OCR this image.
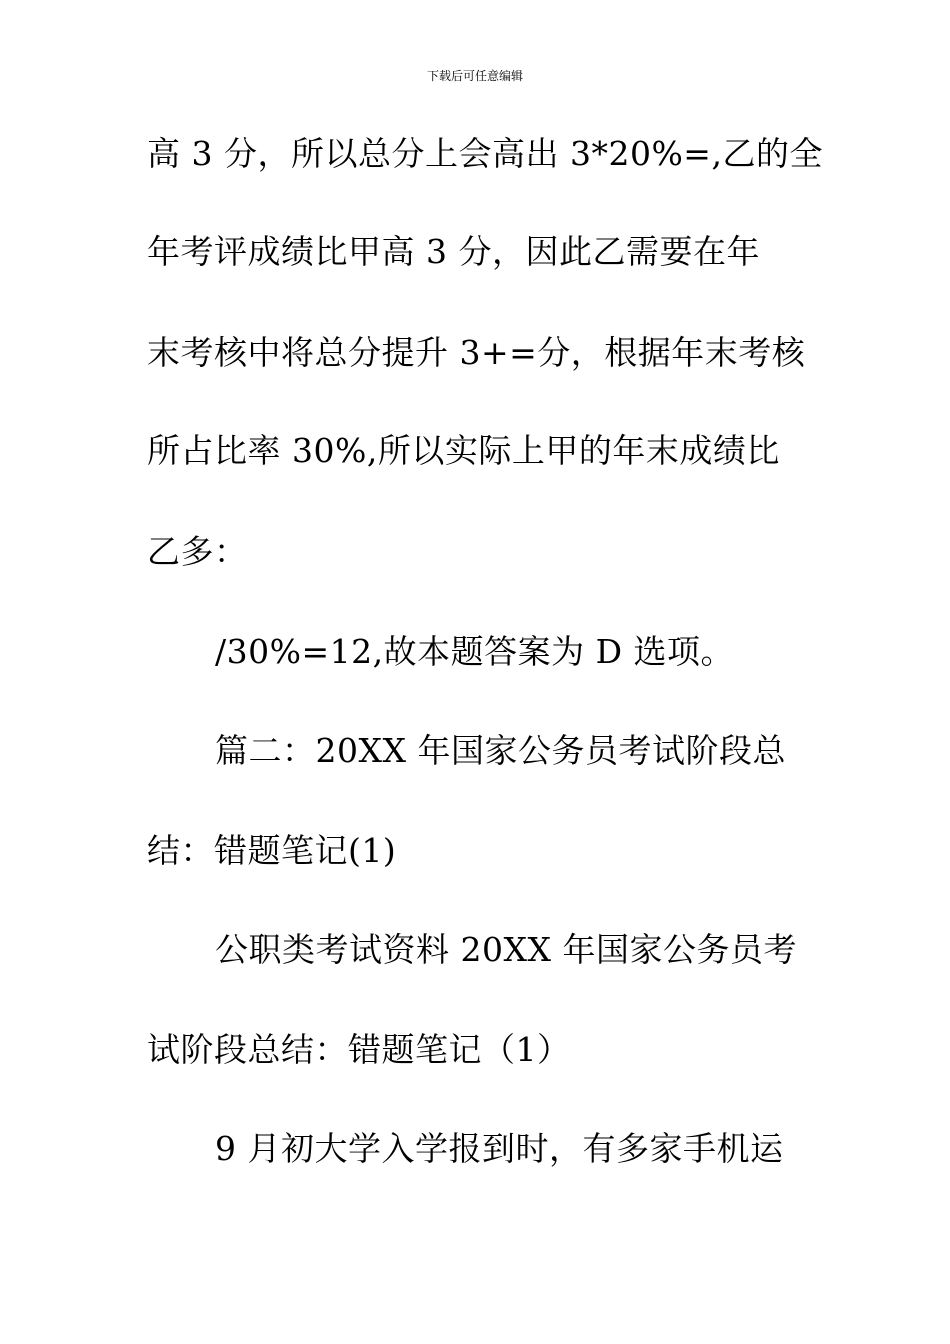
下载后可任意编辑
高 3 分，所以总分上会高出 3*20%=,乙的全
年考评成绩比甲高 3 分，因此乙需要在年
末考核中将总分提升 3+=分，根据年末考核
所占比率 30%,所以实际上甲的年末成绩比
乙多：
/30%=12,故本题答案为 D 选项。
篇二：20XX 年国家公务员考试阶段总
结：错题笔记(1)
公职类考试资料 20XX 年国家公务员考
试阶段总结：错题笔记（1）
9 月初大学入学报到时，有多家手机运
